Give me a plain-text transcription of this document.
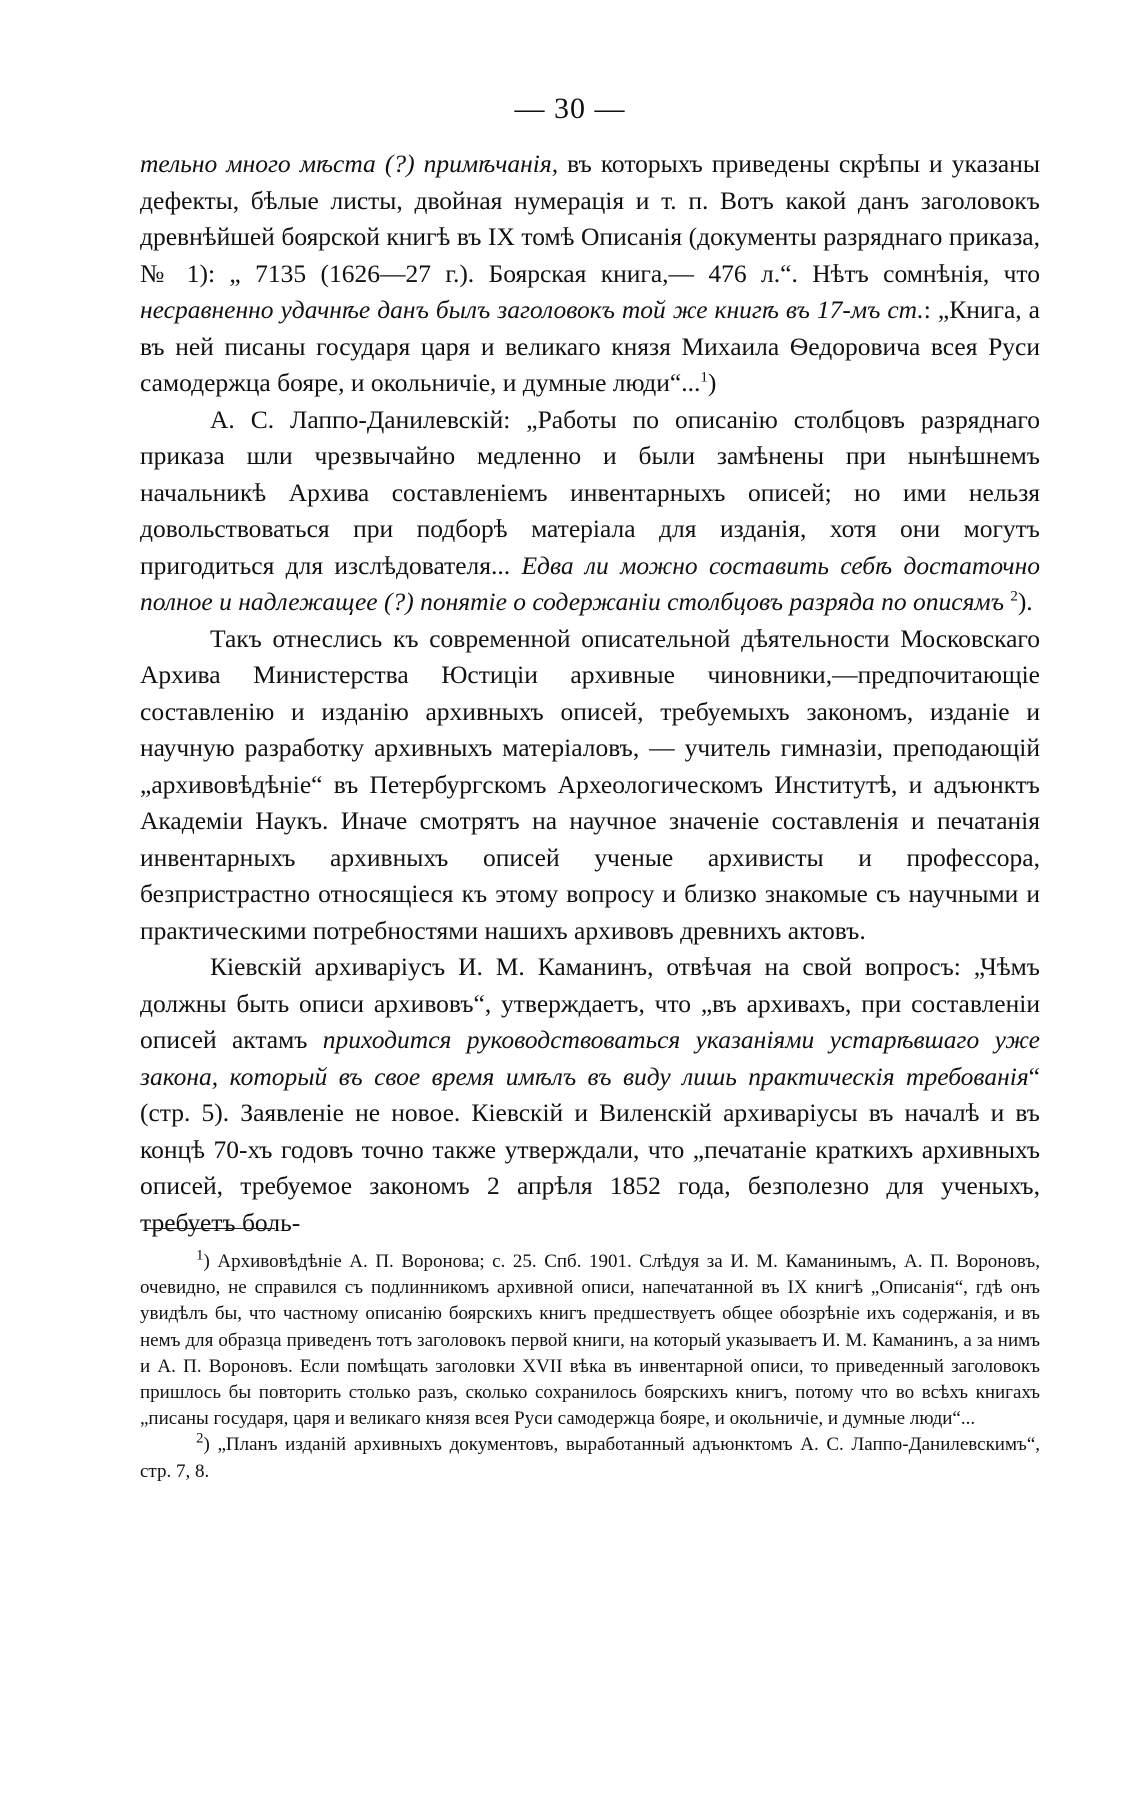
— 30 —

тельно много мѣста (?) примѣчанія, въ которыхъ приведены скрѣпы и указаны дефекты, бѣлые листы, двойная нумерація и т. п. Вотъ какой данъ заголовокъ древнѣйшей боярской книгѣ въ IX томѣ Описанія (документы разряднаго приказа, № 1): „ 7135 (1626—27 г.). Боярская книга,— 476 л.“. Нѣтъ сомнѣнія, что несравненно удачнѣе данъ былъ заголовокъ той же книгѣ въ 17-мъ ст.: „Книга, а въ ней писаны государя царя и великаго князя Михаила Ѳедоровича всея Руси самодержца бояре, и окольничіе, и думные люди“...$^1$)

А. С. Лаппо-Данилевскій: „Работы по описанію столбцовъ разряднаго приказа шли чрезвычайно медленно и были замѣнены при нынѣшнемъ начальникѣ Архива составленіемъ инвентарныхъ описей; но ими нельзя довольствоваться при подборѣ матеріала для изданія, хотя они могутъ пригодиться для изслѣдователя... Едва ли можно составить себѣ достаточно полное и надлежащее (?) понятіе о содержаніи столбцовъ разряда по описямъ $^2$).

Такъ отнеслись къ современной описательной дѣятельности Московскаго Архива Министерства Юстиціи архивные чиновники,—предпочитающіе составленію и изданію архивныхъ описей, требуемыхъ закономъ, изданіе и научную разработку архивныхъ матеріаловъ, — учитель гимназіи, преподающій „архивовѣдѣніе“ въ Петербургскомъ Археологическомъ Институтѣ, и адъюнктъ Академіи Наукъ. Иначе смотрятъ на научное значеніе составленія и печатанія инвентарныхъ архивныхъ описей ученые архивисты и профессора, безпристрастно относящіеся къ этому вопросу и близко знакомые съ научными и практическими потребностями нашихъ архивовъ древнихъ актовъ.

Кіевскій архиваріусъ И. М. Каманинъ, отвѣчая на свой вопросъ: „Чѣмъ должны быть описи архивовъ“, утверждаетъ, что „въ архивахъ, при составленіи описей актамъ приходится руководствоваться указаніями устарѣвшаго уже закона, который въ свое время имѣлъ въ виду лишь практическія требованія“ (стр. 5). Заявленіе не новое. Кіевскій и Виленскій архиваріусы въ началѣ и въ концѣ 70-хъ годовъ точно также утверждали, что „печатаніе краткихъ архивныхъ описей, требуемое закономъ 2 апрѣля 1852 года, безполезно для ученыхъ, требуетъ боль-

$^1$) Архивовѣдѣніе А. П. Воронова; с. 25. Спб. 1901. Слѣдуя за И. М. Каманинымъ, А. П. Вороновъ, очевидно, не справился съ подлинникомъ архивной описи, напечатанной въ IX книгѣ „Описанія“, гдѣ онъ увидѣлъ бы, что частному описанію боярскихъ книгъ предшествуетъ общее обозрѣніе ихъ содержанія, и въ немъ для образца приведенъ тотъ заголовокъ первой книги, на который указываетъ И. М. Каманинъ, а за нимъ и А. П. Вороновъ. Если помѣщать заголовки XVII вѣка въ инвентарной описи, то приведенный заголовокъ пришлось бы повторить столько разъ, сколько сохранилось боярскихъ книгъ, потому что во всѣхъ книгахъ „писаны государя, царя и великаго князя всея Руси самодержца бояре, и окольничіе, и думные люди“...

$^2$) „Планъ изданій архивныхъ документовъ, выработанный адъюнктомъ А. С. Лаппо-Данилевскимъ“, стр. 7, 8.
